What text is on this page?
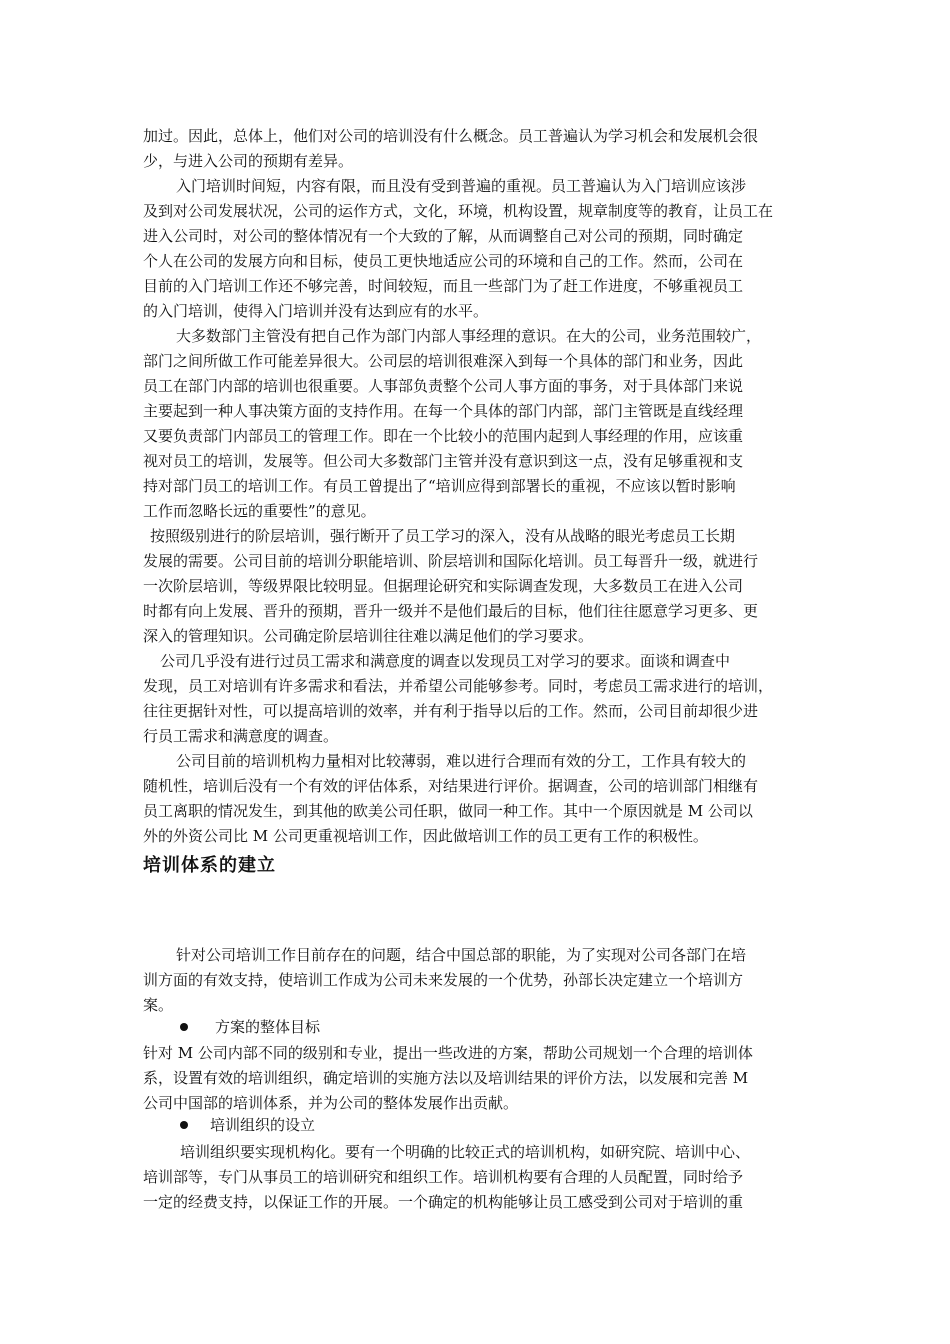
加过。因此，总体上，他们对公司的培训没有什么概念。员工普遍认为学习机会和发展机会很
少，与进入公司的预期有差异。
入门培训时间短，内容有限，而且没有受到普遍的重视。员工普遍认为入门培训应该涉
及到对公司发展状况，公司的运作方式，文化，环境，机构设置，规章制度等的教育，让员工在
进入公司时，对公司的整体情况有一个大致的了解，从而调整自己对公司的预期，同时确定
个人在公司的发展方向和目标，使员工更快地适应公司的环境和自己的工作。然而，公司在
目前的入门培训工作还不够完善，时间较短，而且一些部门为了赶工作进度，不够重视员工
的入门培训，使得入门培训并没有达到应有的水平。
大多数部门主管没有把自己作为部门内部人事经理的意识。在大的公司，业务范围较广，
部门之间所做工作可能差异很大。公司层的培训很难深入到每一个具体的部门和业务，因此
员工在部门内部的培训也很重要。人事部负责整个公司人事方面的事务，对于具体部门来说
主要起到一种人事决策方面的支持作用。在每一个具体的部门内部，部门主管既是直线经理
又要负责部门内部员工的管理工作。即在一个比较小的范围内起到人事经理的作用，应该重
视对员工的培训，发展等。但公司大多数部门主管并没有意识到这一点，没有足够重视和支
持对部门员工的培训工作。有员工曾提出了“培训应得到部署长的重视，不应该以暂时影响
工作而忽略长远的重要性”的意见。
按照级别进行的阶层培训，强行断开了员工学习的深入，没有从战略的眼光考虑员工长期
发展的需要。公司目前的培训分职能培训、阶层培训和国际化培训。员工每晋升一级，就进行
一次阶层培训，等级界限比较明显。但据理论研究和实际调查发现，大多数员工在进入公司
时都有向上发展、晋升的预期，晋升一级并不是他们最后的目标，他们往往愿意学习更多、更
深入的管理知识。公司确定阶层培训往往难以满足他们的学习要求。
公司几乎没有进行过员工需求和满意度的调查以发现员工对学习的要求。面谈和调查中
发现，员工对培训有许多需求和看法，并希望公司能够参考。同时，考虑员工需求进行的培训，
往往更据针对性，可以提高培训的效率，并有利于指导以后的工作。然而，公司目前却很少进
行员工需求和满意度的调查。
公司目前的培训机构力量相对比较薄弱，难以进行合理而有效的分工，工作具有较大的
随机性，培训后没有一个有效的评估体系，对结果进行评价。据调查，公司的培训部门相继有
员工离职的情况发生，到其他的欧美公司任职，做同一种工作。其中一个原因就是 M 公司以
外的外资公司比 M 公司更重视培训工作，因此做培训工作的员工更有工作的积极性。
培训体系的建立
针对公司培训工作目前存在的问题，结合中国总部的职能，为了实现对公司各部门在培
训方面的有效支持，使培训工作成为公司未来发展的一个优势，孙部长决定建立一个培训方
案。
方案的整体目标
针对 M 公司内部不同的级别和专业，提出一些改进的方案，帮助公司规划一个合理的培训体
系，设置有效的培训组织，确定培训的实施方法以及培训结果的评价方法，以发展和完善 M
公司中国部的培训体系，并为公司的整体发展作出贡献。
培训组织的设立
培训组织要实现机构化。要有一个明确的比较正式的培训机构，如研究院、培训中心、
培训部等，专门从事员工的培训研究和组织工作。培训机构要有合理的人员配置，同时给予
一定的经费支持，以保证工作的开展。一个确定的机构能够让员工感受到公司对于培训的重
